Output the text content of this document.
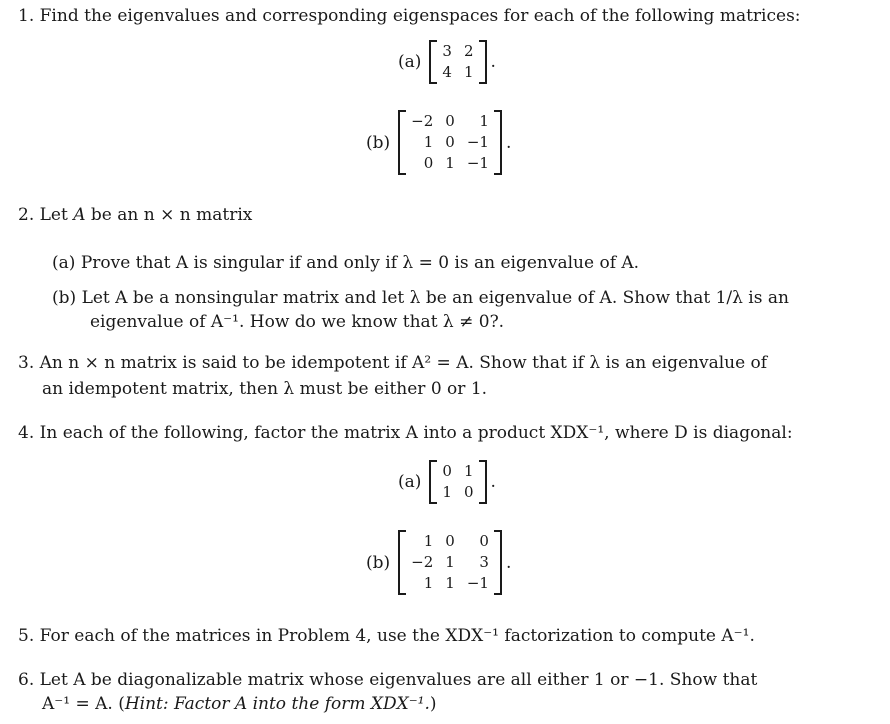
1. Find the eigenvalues and corresponding eigenspaces for each of the following matrices:
(a)
3	2
4	1 .
(b)
−2	0	1
1	0	−1
0	1	−1
.
2. Let A be an n × n matrix
(a) Prove that A is singular if and only if λ = 0 is an eigenvalue of A.
(b) Let A be a nonsingular matrix and let λ be an eigenvalue of A. Show that 1/λ is an
eigenvalue of A⁻¹. How do we know that λ ≠ 0?.
3. An n × n matrix is said to be idempotent if A² = A. Show that if λ is an eigenvalue of
an idempotent matrix, then λ must be either 0 or 1.
4. In each of the following, factor the matrix A into a product XDX⁻¹, where D is diagonal:
(a)
0	1
1	0 .
(b)
1	0	0
−2	1	3
1	1	−1
.
5. For each of the matrices in Problem 4, use the XDX⁻¹ factorization to compute A⁻¹.
6. Let A be diagonalizable matrix whose eigenvalues are all either 1 or −1. Show that
A⁻¹ = A. (Hint: Factor A into the form XDX⁻¹.)
